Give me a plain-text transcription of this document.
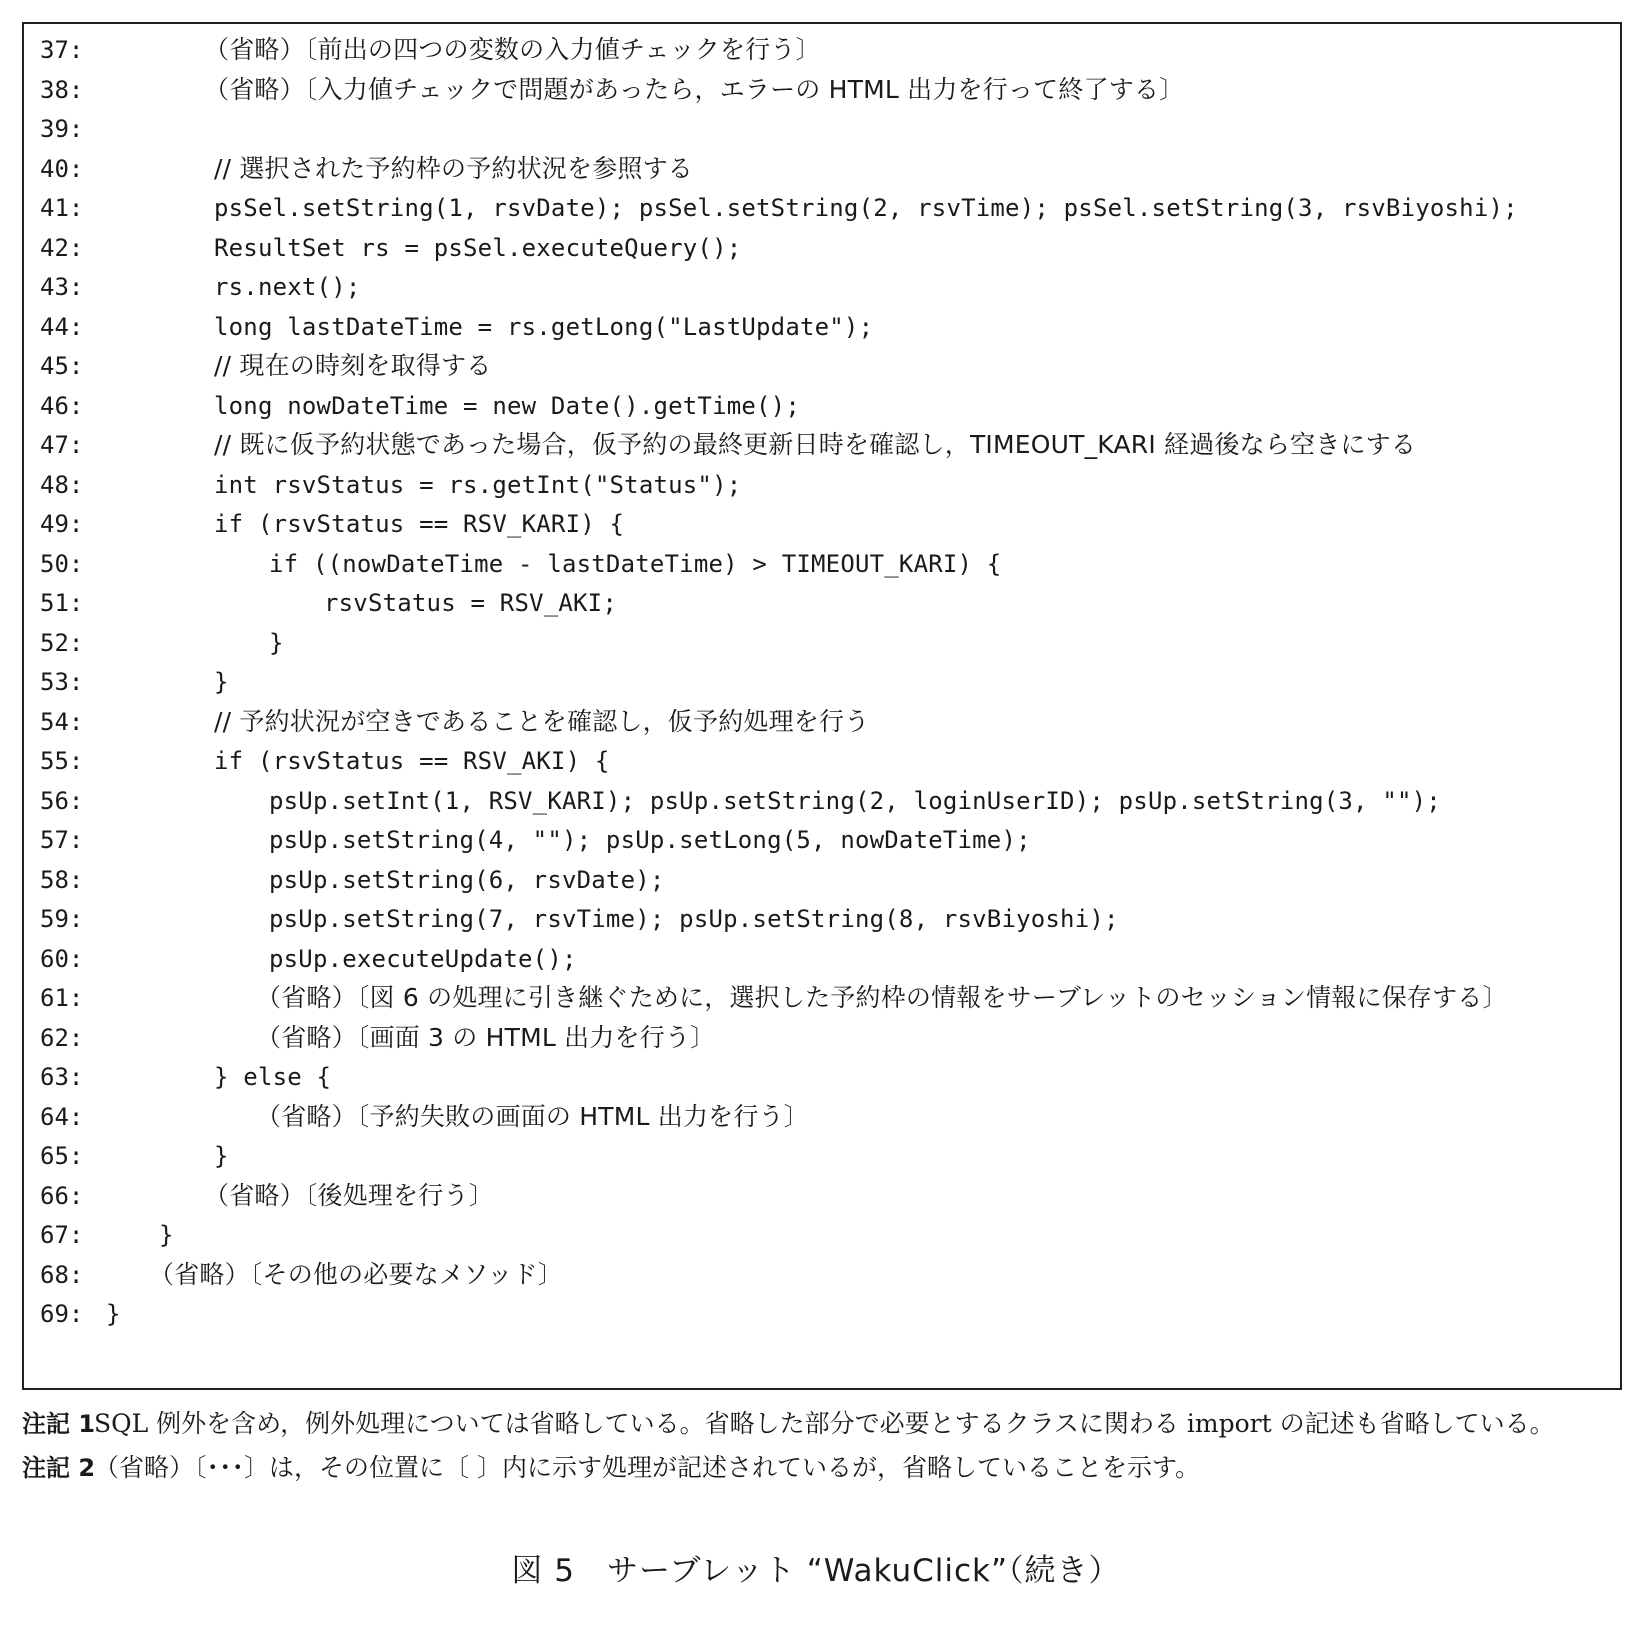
37:	（省略）〔前出の四つの変数の入力値チェックを行う〕
38:	（省略）〔入力値チェックで問題があったら，エラーの HTML 出力を行って終了する〕
39:
40:	// 選択された予約枠の予約状況を参照する
41:	psSel.setString(1, rsvDate); psSel.setString(2, rsvTime); psSel.setString(3, rsvBiyoshi);
42:	ResultSet rs = psSel.executeQuery();
43:	rs.next();
44:	long lastDateTime = rs.getLong("LastUpdate");
45:	// 現在の時刻を取得する
46:	long nowDateTime = new Date().getTime();
47:	// 既に仮予約状態であった場合，仮予約の最終更新日時を確認し，TIMEOUT_KARI 経過後なら空きにする
48:	int rsvStatus = rs.getInt("Status");
49:	if (rsvStatus == RSV_KARI) {
50:	if ((nowDateTime - lastDateTime) > TIMEOUT_KARI) {
51:	rsvStatus = RSV_AKI;
52:	}
53:	}
54:	// 予約状況が空きであることを確認し，仮予約処理を行う
55:	if (rsvStatus == RSV_AKI) {
56:	psUp.setInt(1, RSV_KARI); psUp.setString(2, loginUserID); psUp.setString(3, "");
57:	psUp.setString(4, ""); psUp.setLong(5, nowDateTime);
58:	psUp.setString(6, rsvDate);
59:	psUp.setString(7, rsvTime); psUp.setString(8, rsvBiyoshi);
60:	psUp.executeUpdate();
61:	（省略）〔図 6 の処理に引き継ぐために，選択した予約枠の情報をサーブレットのセッション情報に保存する〕
62:	（省略）〔画面 3 の HTML 出力を行う〕
63:	} else {
64:	（省略）〔予約失敗の画面の HTML 出力を行う〕
65:	}
66:	（省略）〔後処理を行う〕
67:	}
68:	（省略）〔その他の必要なメソッド〕
69: }
注記 1
SQL 例外を含め，例外処理については省略している。省略した部分で必要とするクラスに関わる import の記述も省略している。
注記 2
（省略）〔･･･〕は，その位置に〔 〕内に示す処理が記述されているが，省略していることを示す。
図 5　サーブレット “WakuClick”（続き）
